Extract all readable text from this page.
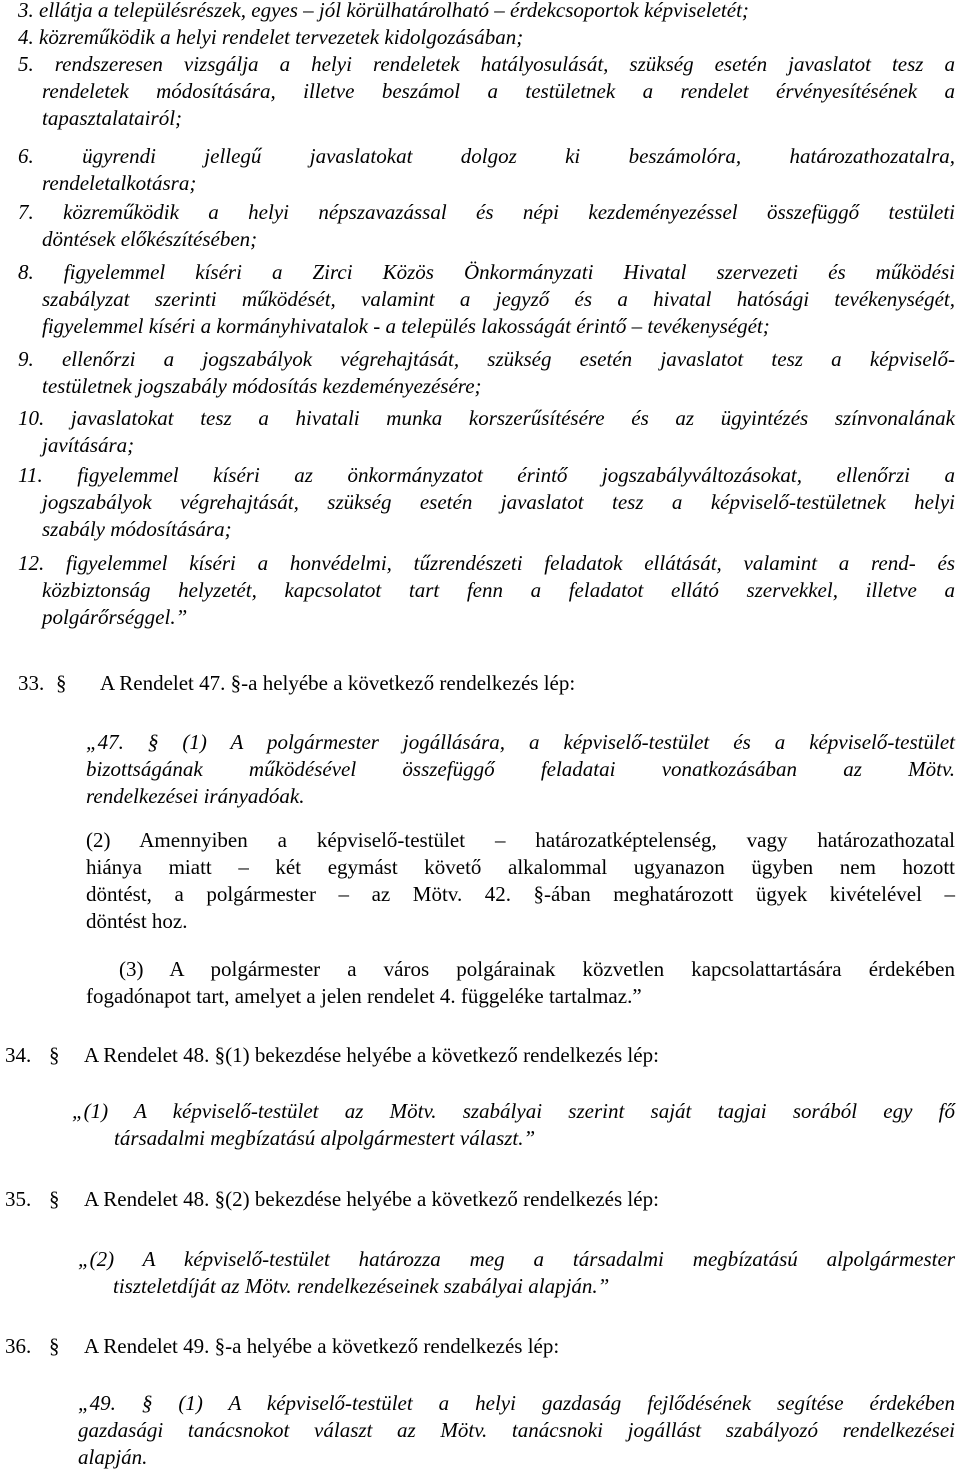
3. ellátja a településrészek, egyes – jól körülhatárolható – érdekcsoportok képviseletét;
4. közreműködik a helyi rendelet tervezetek kidolgozásában;
5. rendszeresen vizsgálja a helyi rendeletek hatályosulását, szükség esetén javaslatot tesz a
rendeletek módosítására, illetve beszámol a testületnek a rendelet érvényesítésének a
tapasztalatairól;
6. ügyrendi jellegű javaslatokat dolgoz ki beszámolóra, határozathozatalra,
rendeletalkotásra;
7. közreműködik a helyi népszavazással és népi kezdeményezéssel összefüggő testületi
döntések előkészítésében;
8. figyelemmel kíséri a Zirci Közös Önkormányzati Hivatal szervezeti és működési
szabályzat szerinti működését, valamint a jegyző és a hivatal hatósági tevékenységét,
figyelemmel kíséri a kormányhivatalok - a település lakosságát érintő – tevékenységét;
9. ellenőrzi a jogszabályok végrehajtását, szükség esetén javaslatot tesz a képviselő-
testületnek jogszabály módosítás kezdeményezésére;
10. javaslatokat tesz a hivatali munka korszerűsítésére és az ügyintézés színvonalának
javítására;
11. figyelemmel kíséri az önkormányzatot érintő jogszabályváltozásokat, ellenőrzi a
jogszabályok végrehajtását, szükség esetén javaslatot tesz a képviselő-testületnek helyi
szabály módosítására;
12. figyelemmel kíséri a honvédelmi, tűzrendészeti feladatok ellátását, valamint a rend- és
közbiztonság helyzetét, kapcsolatot tart fenn a feladatot ellátó szervekkel, illetve a
polgárőrséggel.”
33. § A Rendelet 47. §-a helyébe a következő rendelkezés lép:
„47. § (1) A polgármester jogállására, a képviselő-testület és a képviselő-testület
bizottságának működésével összefüggő feladatai vonatkozásában az Mötv.
rendelkezései irányadóak.
(2) Amennyiben a képviselő-testület – határozatképtelenség, vagy határozathozatal
hiánya miatt – két egymást követő alkalommal ugyanazon ügyben nem hozott
döntést, a polgármester – az Mötv. 42. §-ában meghatározott ügyek kivételével –
döntést hoz.
(3) A polgármester a város polgárainak közvetlen kapcsolattartására érdekében
fogadónapot tart, amelyet a jelen rendelet 4. függeléke tartalmaz.”
34. § A Rendelet 48. §(1) bekezdése helyébe a következő rendelkezés lép:
„(1) A képviselő-testület az Mötv. szabályai szerint saját tagjai sorából egy fő
társadalmi megbízatású alpolgármestert választ.”
35. § A Rendelet 48. §(2) bekezdése helyébe a következő rendelkezés lép:
„(2) A képviselő-testület határozza meg a társadalmi megbízatású alpolgármester
tiszteletdíját az Mötv. rendelkezéseinek szabályai alapján.”
36. § A Rendelet 49. §-a helyébe a következő rendelkezés lép:
„49. § (1) A képviselő-testület a helyi gazdaság fejlődésének segítése érdekében
gazdasági tanácsnokot választ az Mötv. tanácsnoki jogállást szabályozó rendelkezései
alapján.
